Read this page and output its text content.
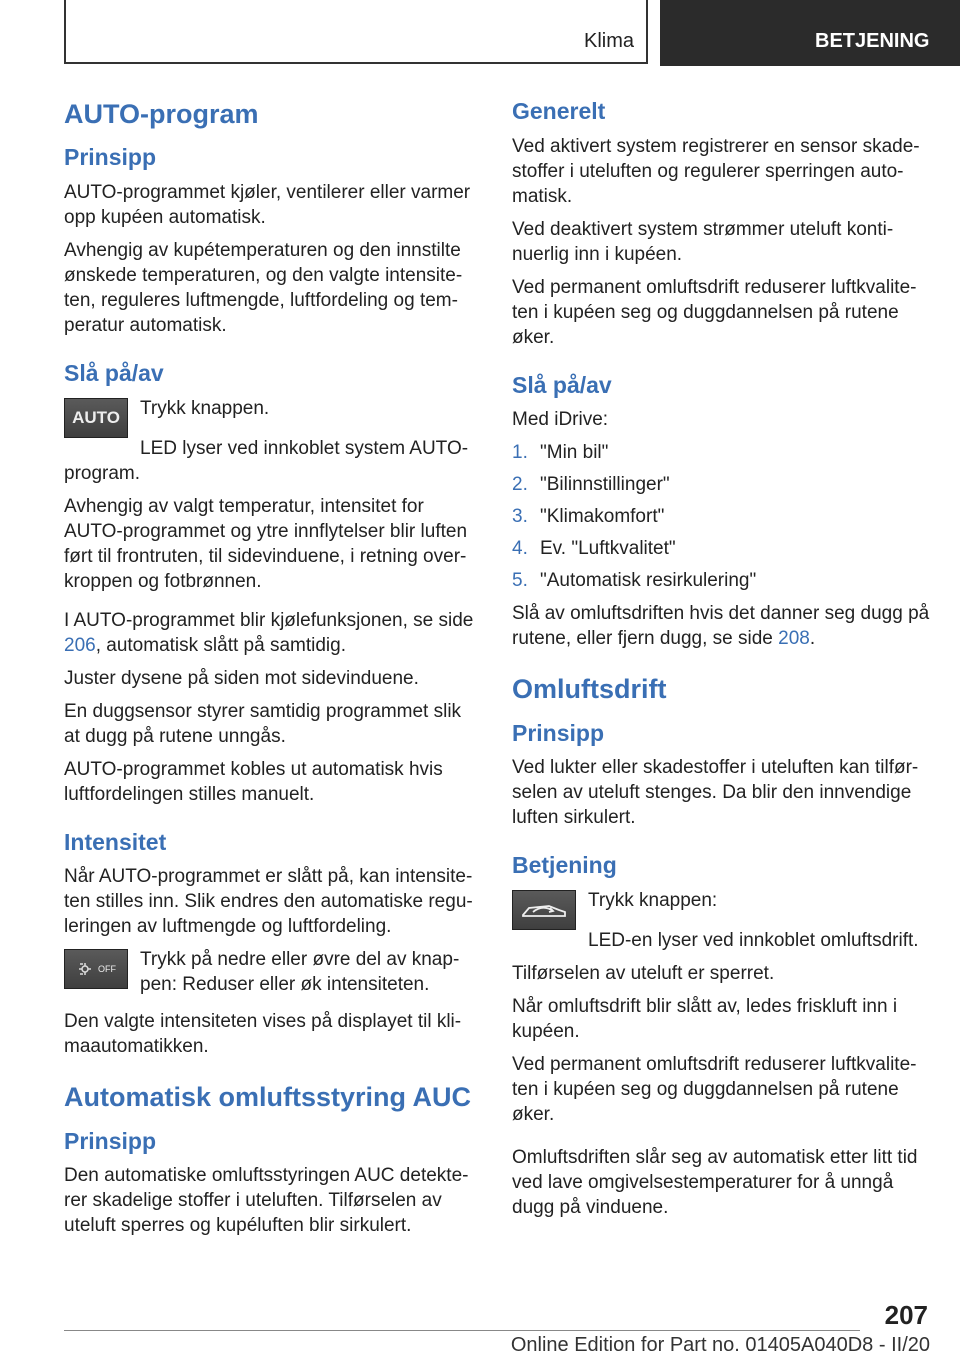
Klima	BETJENING
AUTO-program
Prinsipp

AUTO-programmet kjøler, ventilerer eller varmer opp kupéen automatisk.

Avhengig av kupétemperaturen og den innstilte ønskede temperaturen, og den valgte intensiteten, reguleres luftmengde, luftfordeling og temperatur automatisk.

Slå på/av
AUTO Trykk knappen.

LED lyser ved innkoblet system AUTO-program.

Avhengig av valgt temperatur, intensitet for AUTO-programmet og ytre innflytelser blir luften ført til frontruten, til sidevinduene, i retning overkroppen og fotbrønnen.

I AUTO-programmet blir kjølefunksjonen, se side 206, automatisk slått på samtidig.

Juster dysene på siden mot sidevinduene.

En duggsensor styrer samtidig programmet slik at dugg på rutene unngås.

AUTO-programmet kobles ut automatisk hvis luftfordelingen stilles manuelt.

Intensitet

Når AUTO-programmet er slått på, kan intensiteten stilles inn. Slik endres den automatiske reguleringen av luftmengde og luftfordeling.

OFF Trykk på nedre eller øvre del av knappen: Reduser eller øk intensiteten.

Den valgte intensiteten vises på displayet til klimaautomatikken.

Automatisk omluftsstyring AUC
Prinsipp

Den automatiske omluftsstyringen AUC detekterer skadelige stoffer i uteluften. Tilførselen av uteluft sperres og kupéluften blir sirkulert.

Generelt

Ved aktivert system registrerer en sensor skadestoffer i uteluften og regulerer sperringen automatisk.

Ved deaktivert system strømmer uteluft kontinuerlig inn i kupéen.

Ved permanent omluftsdrift reduserer luftkvaliteten i kupéen seg og duggdannelsen på rutene øker.

Slå på/av

Med iDrive:

1. "Min bil"
2. "Bilinnstillinger"
3. "Klimakomfort"
4. Ev. "Luftkvalitet"
5. "Automatisk resirkulering"

Slå av omluftsdriften hvis det danner seg dugg på rutene, eller fjern dugg, se side 208.

Omluftsdrift
Prinsipp

Ved lukter eller skadestoffer i uteluften kan tilførselen av uteluft stenges. Da blir den innvendige luften sirkulert.

Betjening

Trykk knappen:

LED-en lyser ved innkoblet omluftsdrift.

Tilførselen av uteluft er sperret.

Når omluftsdrift blir slått av, ledes friskluft inn i kupéen.

Ved permanent omluftsdrift reduserer luftkvaliteten i kupéen seg og duggdannelsen på rutene øker.

Omluftsdriften slår seg av automatisk etter litt tid ved lave omgivelsestemperaturer for å unngå dugg på vinduene.

207
Online Edition for Part no. 01405A040D8 - II/20
